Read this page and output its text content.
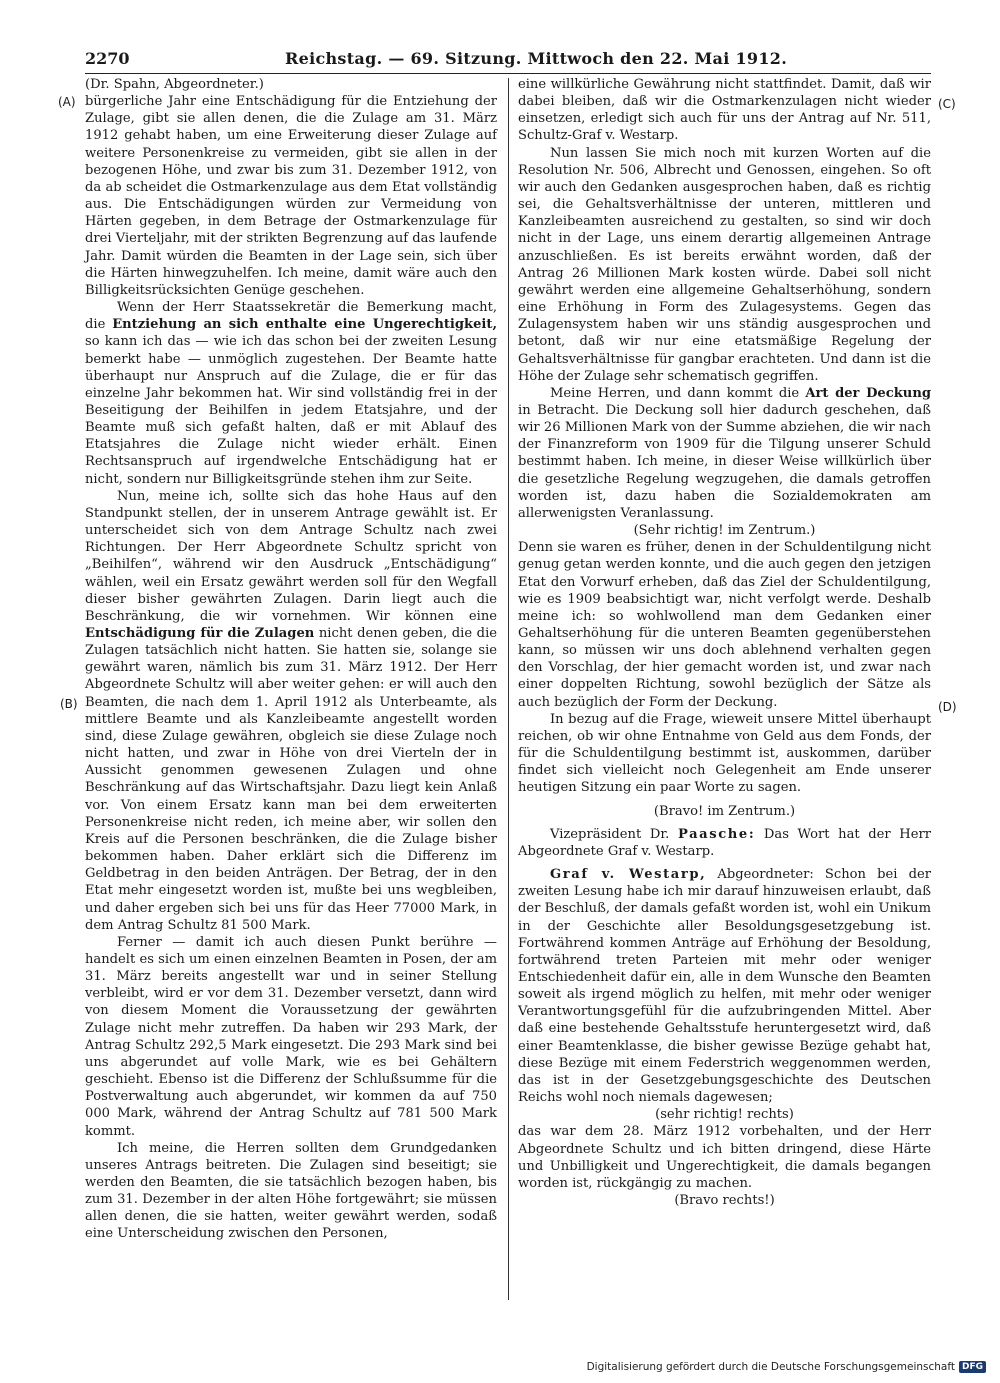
2270	Reichstag. — 69. Sitzung. Mittwoch den 22. Mai 1912.
(A)
(B)
(C)
(D)

(Dr. Spahn, Abgeordneter.)

bürgerliche Jahr eine Entschädigung für die Entziehung der Zulage, gibt sie allen denen, die die Zulage am 31. März 1912 gehabt haben, um eine Erweiterung dieser Zulage auf weitere Personenkreise zu vermeiden, gibt sie allen in der bezogenen Höhe, und zwar bis zum 31. Dezember 1912, von da ab scheidet die Ostmarkenzulage aus dem Etat vollständig aus. Die Entschädigungen würden zur Vermeidung von Härten gegeben, in dem Betrage der Ostmarkenzulage für drei Vierteljahr, mit der strikten Begrenzung auf das laufende Jahr. Damit würden die Beamten in der Lage sein, sich über die Härten hinwegzuhelfen. Ich meine, damit wäre auch den Billigkeitsrücksichten Genüge geschehen.

Wenn der Herr Staatssekretär die Bemerkung macht, die Entziehung an sich enthalte eine Ungerechtigkeit, so kann ich das — wie ich das schon bei der zweiten Lesung bemerkt habe — unmöglich zugestehen. Der Beamte hatte überhaupt nur Anspruch auf die Zulage, die er für das einzelne Jahr bekommen hat. Wir sind vollständig frei in der Beseitigung der Beihilfen in jedem Etatsjahre, und der Beamte muß sich gefaßt halten, daß er mit Ablauf des Etatsjahres die Zulage nicht wieder erhält. Einen Rechtsanspruch auf irgendwelche Entschädigung hat er nicht, sondern nur Billigkeitsgründe stehen ihm zur Seite.

Nun, meine ich, sollte sich das hohe Haus auf den Standpunkt stellen, der in unserem Antrage gewählt ist. Er unterscheidet sich von dem Antrage Schultz nach zwei Richtungen. Der Herr Abgeordnete Schultz spricht von „Beihilfen“, während wir den Ausdruck „Entschädigung“ wählen, weil ein Ersatz gewährt werden soll für den Wegfall dieser bisher gewährten Zulagen. Darin liegt auch die Beschränkung, die wir vornehmen. Wir können eine Entschädigung für die Zulagen nicht denen geben, die die Zulagen tatsächlich nicht hatten. Sie hatten sie, solange sie gewährt waren, nämlich bis zum 31. März 1912. Der Herr Abgeordnete Schultz will aber weiter gehen: er will auch den Beamten, die nach dem 1. April 1912 als Unterbeamte, als mittlere Beamte und als Kanzleibeamte angestellt worden sind, diese Zulage gewähren, obgleich sie diese Zulage noch nicht hatten, und zwar in Höhe von drei Vierteln der in Aussicht genommen gewesenen Zulagen und ohne Beschränkung auf das Wirtschaftsjahr. Dazu liegt kein Anlaß vor. Von einem Ersatz kann man bei dem erweiterten Personenkreise nicht reden, ich meine aber, wir sollen den Kreis auf die Personen beschränken, die die Zulage bisher bekommen haben. Daher erklärt sich die Differenz im Geldbetrag in den beiden Anträgen. Der Betrag, der in den Etat mehr eingesetzt worden ist, mußte bei uns wegbleiben, und daher ergeben sich bei uns für das Heer 77000 Mark, in dem Antrag Schultz 81 500 Mark.

Ferner — damit ich auch diesen Punkt berühre — handelt es sich um einen einzelnen Beamten in Posen, der am 31. März bereits angestellt war und in seiner Stellung verbleibt, wird er vor dem 31. Dezember versetzt, dann wird von diesem Moment die Voraussetzung der gewährten Zulage nicht mehr zutreffen. Da haben wir 293 Mark, der Antrag Schultz 292,5 Mark eingesetzt. Die 293 Mark sind bei uns abgerundet auf volle Mark, wie es bei Gehältern geschieht. Ebenso ist die Differenz der Schlußsumme für die Postverwaltung auch abgerundet, wir kommen da auf 750 000 Mark, während der Antrag Schultz auf 781 500 Mark kommt.

Ich meine, die Herren sollten dem Grundgedanken unseres Antrags beitreten. Die Zulagen sind beseitigt; sie werden den Beamten, die sie tatsächlich bezogen haben, bis zum 31. Dezember in der alten Höhe fortgewährt; sie müssen allen denen, die sie hatten, weiter gewährt werden, sodaß eine Unterscheidung zwischen den Personen,

eine willkürliche Gewährung nicht stattfindet. Damit, daß wir dabei bleiben, daß wir die Ostmarkenzulagen nicht wieder einsetzen, erledigt sich auch für uns der Antrag auf Nr. 511, Schultz-Graf v. Westarp.

Nun lassen Sie mich noch mit kurzen Worten auf die Resolution Nr. 506, Albrecht und Genossen, eingehen. So oft wir auch den Gedanken ausgesprochen haben, daß es richtig sei, die Gehaltsverhältnisse der unteren, mittleren und Kanzleibeamten ausreichend zu gestalten, so sind wir doch nicht in der Lage, uns einem derartig allgemeinen Antrage anzuschließen. Es ist bereits erwähnt worden, daß der Antrag 26 Millionen Mark kosten würde. Dabei soll nicht gewährt werden eine allgemeine Gehaltserhöhung, sondern eine Erhöhung in Form des Zulagesystems. Gegen das Zulagensystem haben wir uns ständig ausgesprochen und betont, daß wir nur eine etatsmäßige Regelung der Gehaltsverhältnisse für gangbar erachteten. Und dann ist die Höhe der Zulage sehr schematisch gegriffen.

Meine Herren, und dann kommt die Art der Deckung in Betracht. Die Deckung soll hier dadurch geschehen, daß wir 26 Millionen Mark von der Summe abziehen, die wir nach der Finanzreform von 1909 für die Tilgung unserer Schuld bestimmt haben. Ich meine, in dieser Weise willkürlich über die gesetzliche Regelung wegzugehen, die damals getroffen worden ist, dazu haben die Sozialdemokraten am allerwenigsten Veranlassung.

(Sehr richtig! im Zentrum.)

Denn sie waren es früher, denen in der Schuldentilgung nicht genug getan werden konnte, und die auch gegen den jetzigen Etat den Vorwurf erheben, daß das Ziel der Schuldentilgung, wie es 1909 beabsichtigt war, nicht verfolgt werde. Deshalb meine ich: so wohlwollend man dem Gedanken einer Gehaltserhöhung für die unteren Beamten gegenüberstehen kann, so müssen wir uns doch ablehnend verhalten gegen den Vorschlag, der hier gemacht worden ist, und zwar nach einer doppelten Richtung, sowohl bezüglich der Sätze als auch bezüglich der Form der Deckung.

In bezug auf die Frage, wieweit unsere Mittel überhaupt reichen, ob wir ohne Entnahme von Geld aus dem Fonds, der für die Schuldentilgung bestimmt ist, auskommen, darüber findet sich vielleicht noch Gelegenheit am Ende unserer heutigen Sitzung ein paar Worte zu sagen.

(Bravo! im Zentrum.)

Vizepräsident Dr. Paasche: Das Wort hat der Herr Abgeordnete Graf v. Westarp.

Graf v. Westarp, Abgeordneter: Schon bei der zweiten Lesung habe ich mir darauf hinzuweisen erlaubt, daß der Beschluß, der damals gefaßt worden ist, wohl ein Unikum in der Geschichte aller Besoldungsgesetzgebung ist. Fortwährend kommen Anträge auf Erhöhung der Besoldung, fortwährend treten Parteien mit mehr oder weniger Entschiedenheit dafür ein, alle in dem Wunsche den Beamten soweit als irgend möglich zu helfen, mit mehr oder weniger Verantwortungsgefühl für die aufzubringenden Mittel. Aber daß eine bestehende Gehaltsstufe heruntergesetzt wird, daß einer Beamtenklasse, die bisher gewisse Bezüge gehabt hat, diese Bezüge mit einem Federstrich weggenommen werden, das ist in der Gesetzgebungsgeschichte des Deutschen Reichs wohl noch niemals dagewesen;

(sehr richtig! rechts)

das war dem 28. März 1912 vorbehalten, und der Herr Abgeordnete Schultz und ich bitten dringend, diese Härte und Unbilligkeit und Ungerechtigkeit, die damals begangen worden ist, rückgängig zu machen.

(Bravo rechts!)

Digitalisierung gefördert durch die Deutsche Forschungsgemeinschaft DFG
